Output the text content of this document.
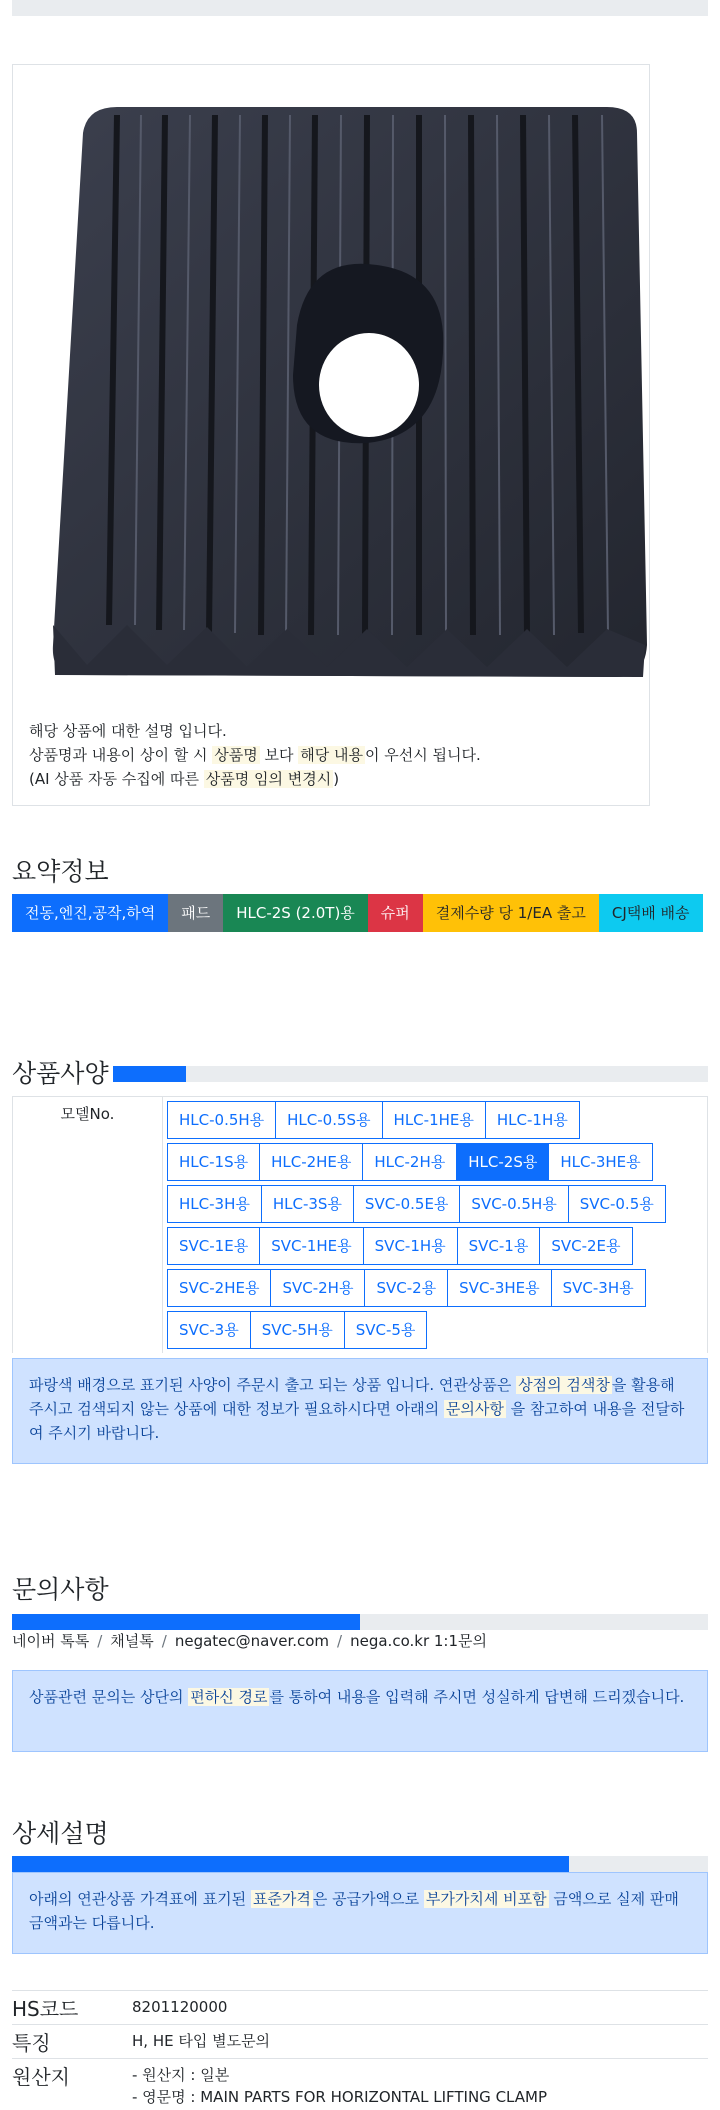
해당 상품에 대한 설명 입니다.
상품명과 내용이 상이 할 시 상품명 보다 해당 내용 이 우선시 됩니다.
(AI 상품 자동 수집에 따른 상품명 임의 변경시 )
요약정보
전동,엔진,공작,하역	패드	HLC-2S (2.0T)용	슈퍼	결제수량 당 1/EA 출고	CJ택배 배송
상품사양
모델No.	HLC-0.5H용	HLC-0.5S용	HLC-1HE용	HLC-1H용
HLC-1S용	HLC-2HE용	HLC-2H용	HLC-2S용	HLC-3HE용
HLC-3H용	HLC-3S용	SVC-0.5E용	SVC-0.5H용	SVC-0.5용
SVC-1E용	SVC-1HE용	SVC-1H용	SVC-1용	SVC-2E용
SVC-2HE용	SVC-2H용	SVC-2용	SVC-3HE용	SVC-3H용
SVC-3용	SVC-5H용	SVC-5용
파랑색 배경으로 표기된 사양이 주문시 출고 되는 상품 입니다. 연관상품은 상점의 검색창 을 활용해 주시고 검색되지 않는 상품에 대한 정보가 필요하시다면 아래의 문의사항 을 참고하여 내용을 전달하여 주시기 바랍니다.
문의사항
네이버 톡톡 / 채널톡 / negatec@naver.com / nega.co.kr 1:1문의
상품관련 문의는 상단의 편하신 경로 를 통하여 내용을 입력해 주시면 성실하게 답변해 드리겠습니다.
상세설명
아래의 연관상품 가격표에 표기된 표준가격 은 공급가액으로 부가가치세 비포함 금액으로 실제 판매금액과는 다릅니다.
HS코드	8201120000

특징	H, HE 타입 별도문의

원산지	- 원산지 : 일본
- 영문명 : MAIN PARTS FOR HORIZONTAL LIFTING CLAMP
